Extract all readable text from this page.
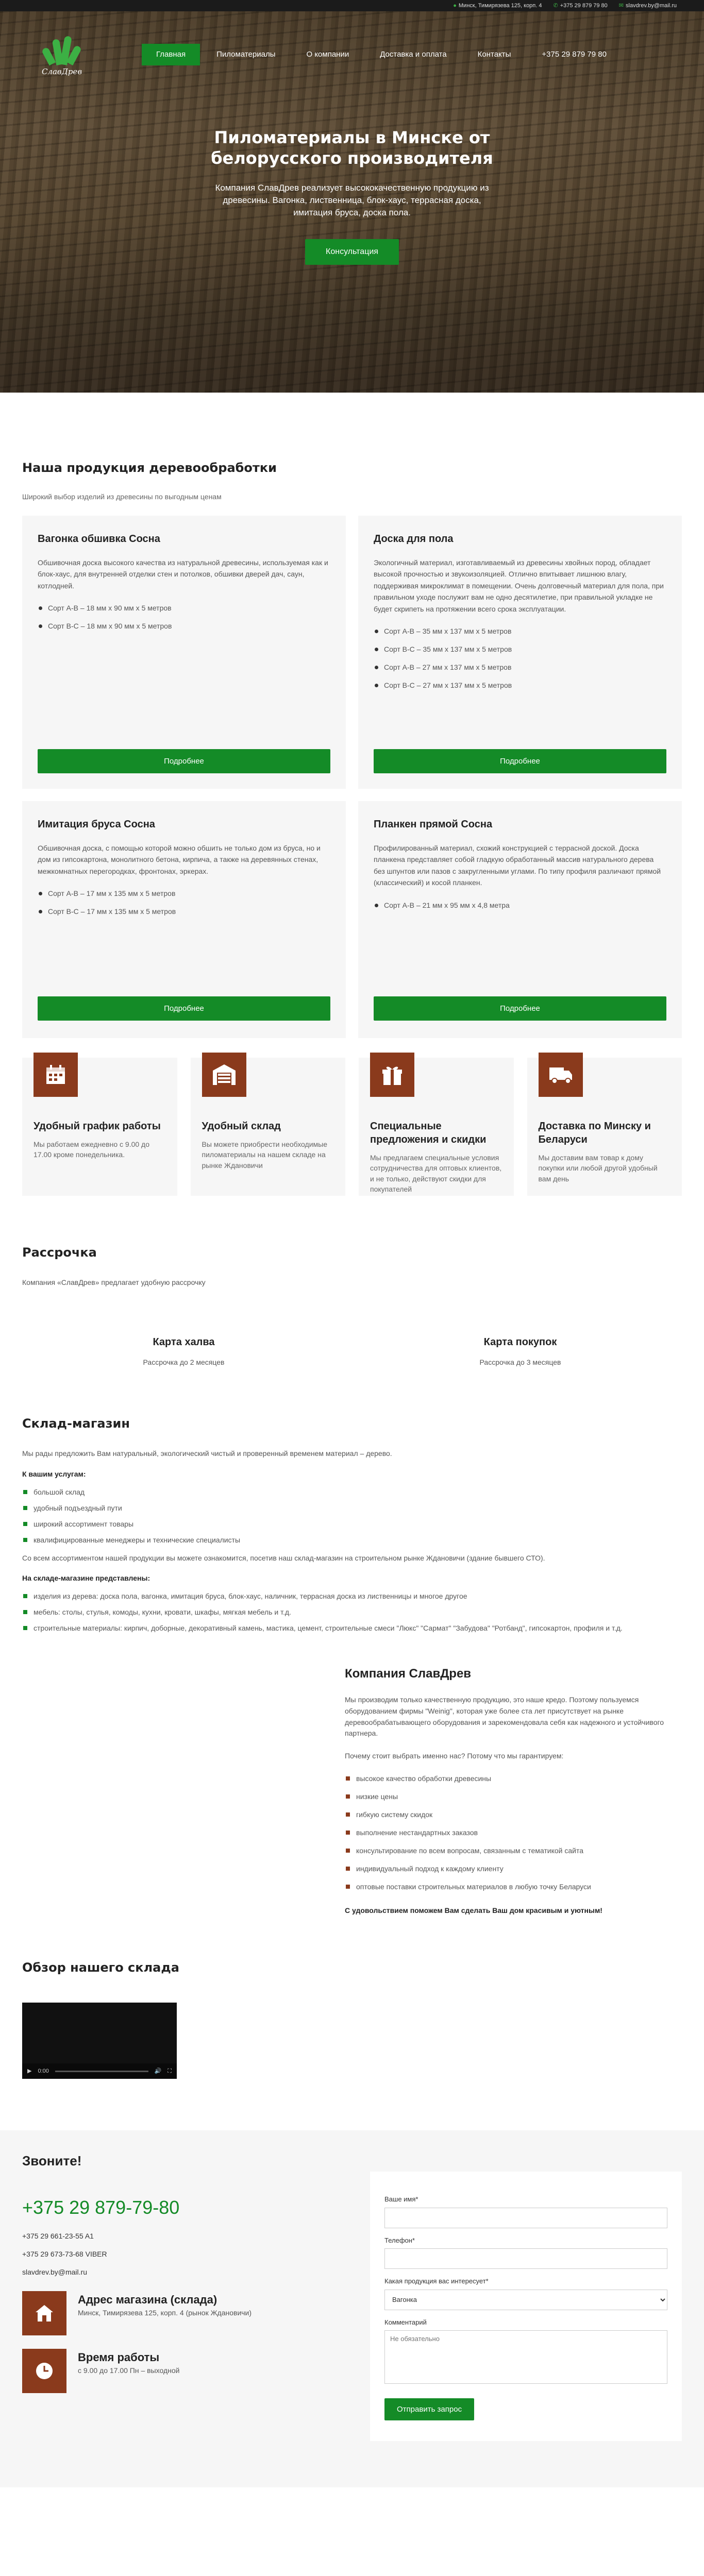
● Минск, Тимирязева 125, корп. 4 ✆ +375 29 879 79 80 ✉ slavdrev.by@mail.ru
СлавДрев
Главная	Пиломатериалы	О компании	Доставка и оплата	Контакты	+375 29 879 79 80
Пиломатериалы в Минске от белорусского производителя

Компания СлавДрев реализует высококачественную продукцию из древесины. Вагонка, лиственница, блок-хаус, террасная доска, имитация бруса, доска пола.

Консультация
Наша продукция деревообработки
Широкий выбор изделий из древесины по выгодным ценам
Вагонка обшивка Сосна

Обшивочная доска высокого качества из натуральной древесины, используемая как и блок-хаус, для внутренней отделки стен и потолков, обшивки дверей дач, саун, котлодней.

Сорт А-В – 18 мм х 90 мм х 5 метров
Сорт В-С – 18 мм х 90 мм х 5 метров
Подробнее
Доска для пола

Экологичный материал, изготавливаемый из древесины хвойных пород, обладает высокой прочностью и звукоизоляцией. Отлично впитывает лишнюю влагу, поддерживая микроклимат в помещении. Очень долговечный материал для пола, при правильном уходе послужит вам не одно десятилетие, при правильной укладке не будет скрипеть на протяжении всего срока эксплуатации.

Сорт А-В – 35 мм х 137 мм х 5 метров
Сорт В-С – 35 мм х 137 мм х 5 метров
Сорт А-В – 27 мм х 137 мм х 5 метров
Сорт В-С – 27 мм х 137 мм х 5 метров
Подробнее
Имитация бруса Сосна

Обшивочная доска, с помощью которой можно обшить не только дом из бруса, но и дом из гипсокартона, монолитного бетона, кирпича, а также на деревянных стенах, межкомнатных перегородках, фронтонах, эркерах.

Сорт А-В – 17 мм х 135 мм х 5 метров
Сорт В-С – 17 мм х 135 мм х 5 метров
Подробнее
Планкен прямой Сосна

Профилированный материал, схожий конструкцией с террасной доской. Доска планкена представляет собой гладкую обработанный массив натурального дерева без шпунтов или пазов с закругленными углами. По типу профиля различают прямой (классический) и косой планкен.

Сорт А-В – 21 мм х 95 мм х 4,8 метра
Подробнее
Удобный график работы

Мы работаем ежедневно с 9.00 до 17.00 кроме понедельника.

Удобный склад

Вы можете приобрести необходимые пиломатериалы на нашем складе на рынке Ждановичи

Специальные предложения и скидки

Мы предлагаем специальные условия сотрудничества для оптовых клиентов, и не только, действуют скидки для покупателей

Доставка по Минску и Беларуси

Мы доставим вам товар к дому покупки или любой другой удобный вам день

Рассрочка
Компания «СлавДрев» предлагает удобную рассрочку
Карта халва

Рассрочка до 2 месяцев

Карта покупок

Рассрочка до 3 месяцев

Склад-магазин

Мы рады предложить Вам натуральный, экологический чистый и проверенный временем материал – дерево.

К вашим услугам:
большой склад
удобный подъездный пути
широкий ассортимент товары
квалифицированные менеджеры и технические специалисты

Со всем ассортиментом нашей продукции вы можете ознакомится, посетив наш склад-магазин на строительном рынке Ждановичи (здание бывшего СТО).

На складе-магазине представлены:
изделия из дерева: доска пола, вагонка, имитация бруса, блок-хаус, наличник, террасная доска из лиственницы и многое другое
мебель: столы, стулья, комоды, кухни, кровати, шкафы, мягкая мебель и т.д.
строительные материалы: кирпич, доборные, декоративный камень, мастика, цемент, строительные смеси "Люкс" "Сармат" "Забудова" "Ротбанд", гипсокартон, профиля и т.д.
Компания СлавДрев

Мы производим только качественную продукцию, это наше кредо. Поэтому пользуемся оборудованием фирмы "Weinig", которая уже более ста лет присутствует на рынке деревообрабатывающего оборудования и зарекомендовала себя как надежного и устойчивого партнера.

Почему стоит выбрать именно нас? Потому что мы гарантируем:

высокое качество обработки древесины
низкие цены
гибкую систему скидок
выполнение нестандартных заказов
консультирование по всем вопросам, связанным с тематикой сайта
индивидуальный подход к каждому клиенту
оптовые поставки строительных материалов в любую точку Беларуси
С удовольствием поможем Вам сделать Ваш дом красивым и уютным!
Обзор нашего склада
▶ 0:00	🔊 ⛶
Звоните!
+375 29 879-79-80
+375 29 661-23-55 A1
+375 29 673-73-68 VIBER
slavdrev.by@mail.ru
Адрес магазина (склада)

Минск, Тимирязева 125, корп. 4 (рынок Ждановичи)

Время работы

с 9.00 до 17.00 Пн – выходной

Ваше имя*
Телефон*
Какая продукция вас интересует*
Вагонка
Комментарий
Не обязательно Отправить запрос
